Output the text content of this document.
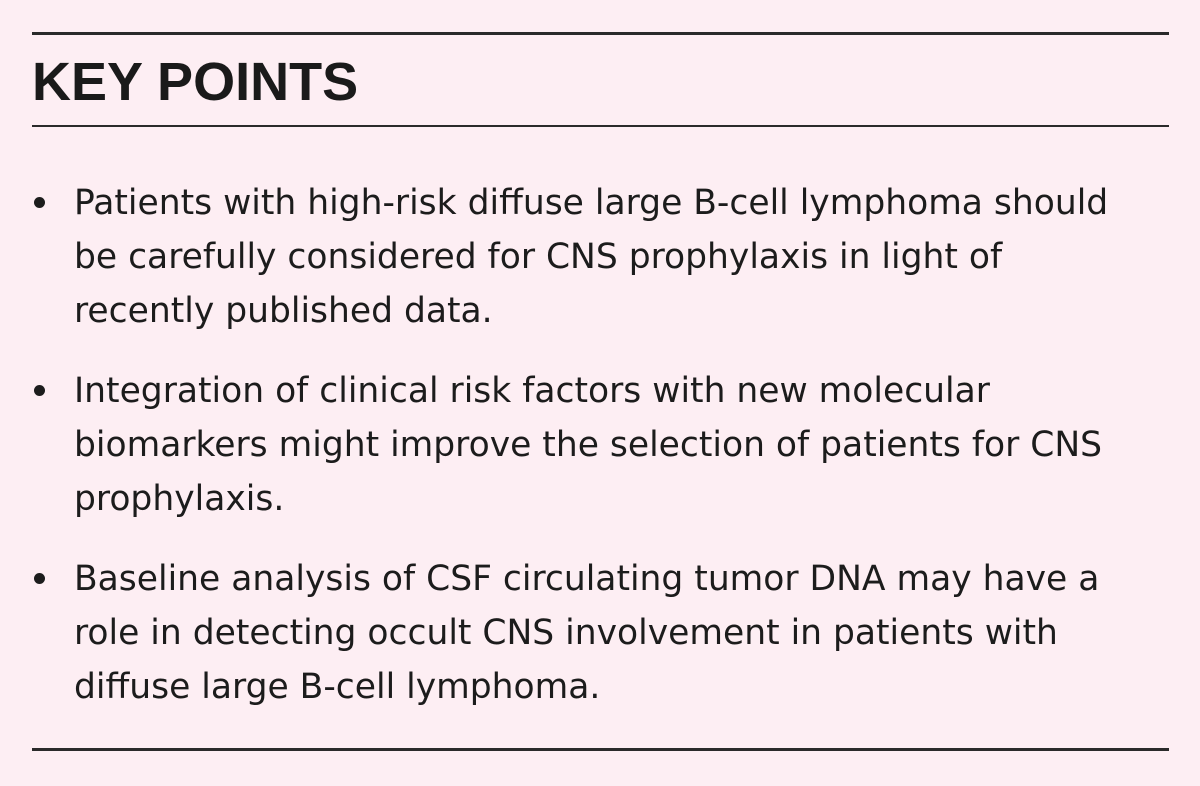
KEY POINTS
Patients with high-risk diffuse large B-cell lymphoma should be carefully considered for CNS prophylaxis in light of recently published data.
Integration of clinical risk factors with new molecular biomarkers might improve the selection of patients for CNS prophylaxis.
Baseline analysis of CSF circulating tumor DNA may have a role in detecting occult CNS involvement in patients with diffuse large B-cell lymphoma.
